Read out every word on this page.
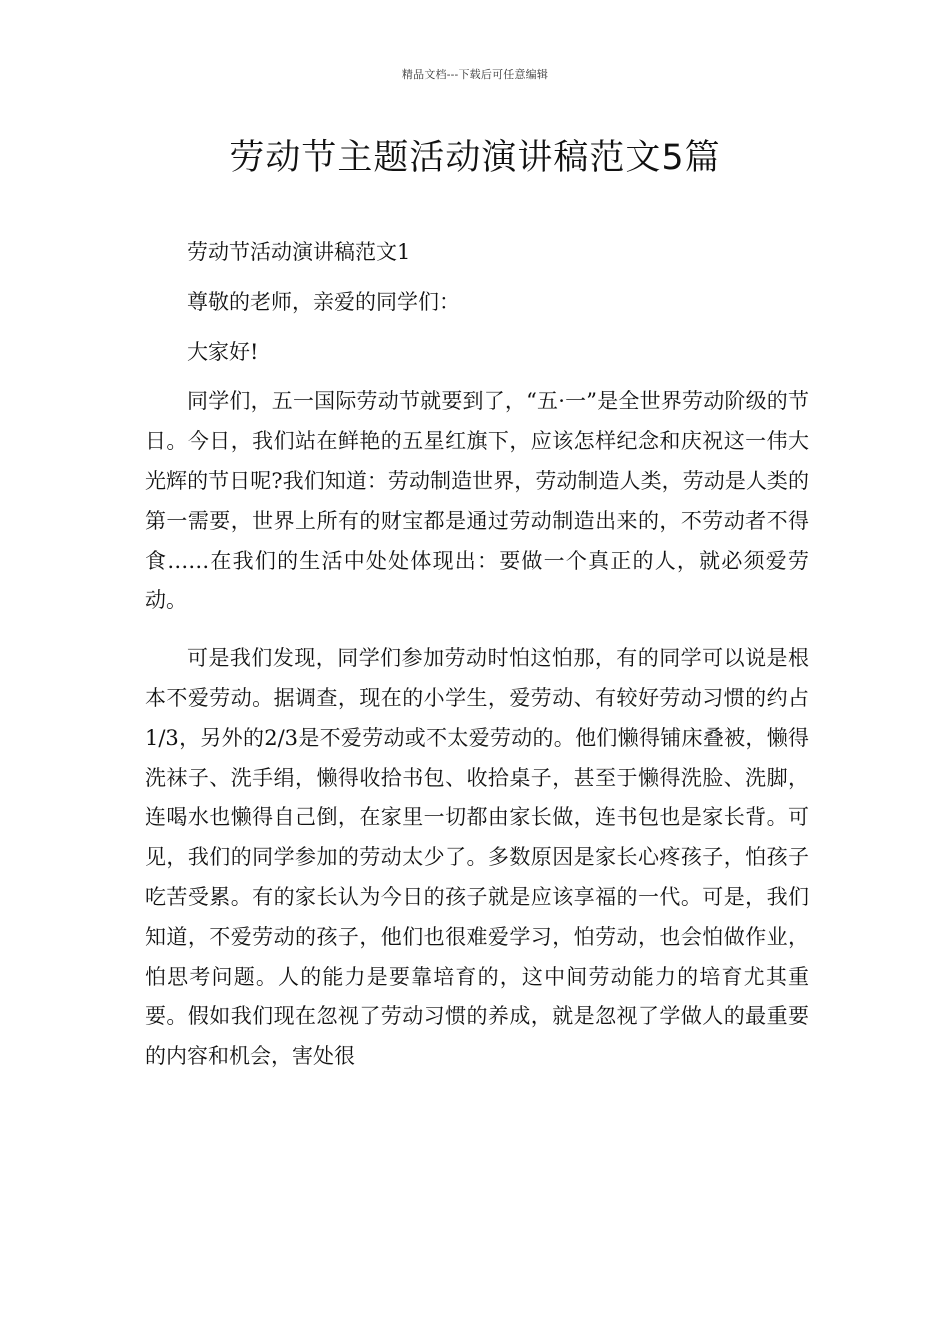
精品文档---下载后可任意编辑
劳动节主题活动演讲稿范文5篇

劳动节活动演讲稿范文1

尊敬的老师，亲爱的同学们：

大家好!

同学们，五一国际劳动节就要到了，“五·一”是全世界劳动阶级的节日。今日，我们站在鲜艳的五星红旗下，应该怎样纪念和庆祝这一伟大光辉的节日呢?我们知道：劳动制造世界，劳动制造人类，劳动是人类的第一需要，世界上所有的财宝都是通过劳动制造出来的，不劳动者不得食……在我们的生活中处处体现出：要做一个真正的人，就必须爱劳动。

可是我们发现，同学们参加劳动时怕这怕那，有的同学可以说是根本不爱劳动。据调查，现在的小学生，爱劳动、有较好劳动习惯的约占1/3，另外的2/3是不爱劳动或不太爱劳动的。他们懒得铺床叠被，懒得洗袜子、洗手绢，懒得收拾书包、收拾桌子，甚至于懒得洗脸、洗脚，连喝水也懒得自己倒，在家里一切都由家长做，连书包也是家长背。可见，我们的同学参加的劳动太少了。多数原因是家长心疼孩子，怕孩子吃苦受累。有的家长认为今日的孩子就是应该享福的一代。可是，我们知道，不爱劳动的孩子，他们也很难爱学习，怕劳动，也会怕做作业，怕思考问题。人的能力是要靠培育的，这中间劳动能力的培育尤其重要。假如我们现在忽视了劳动习惯的养成，就是忽视了学做人的最重要的内容和机会，害处很
